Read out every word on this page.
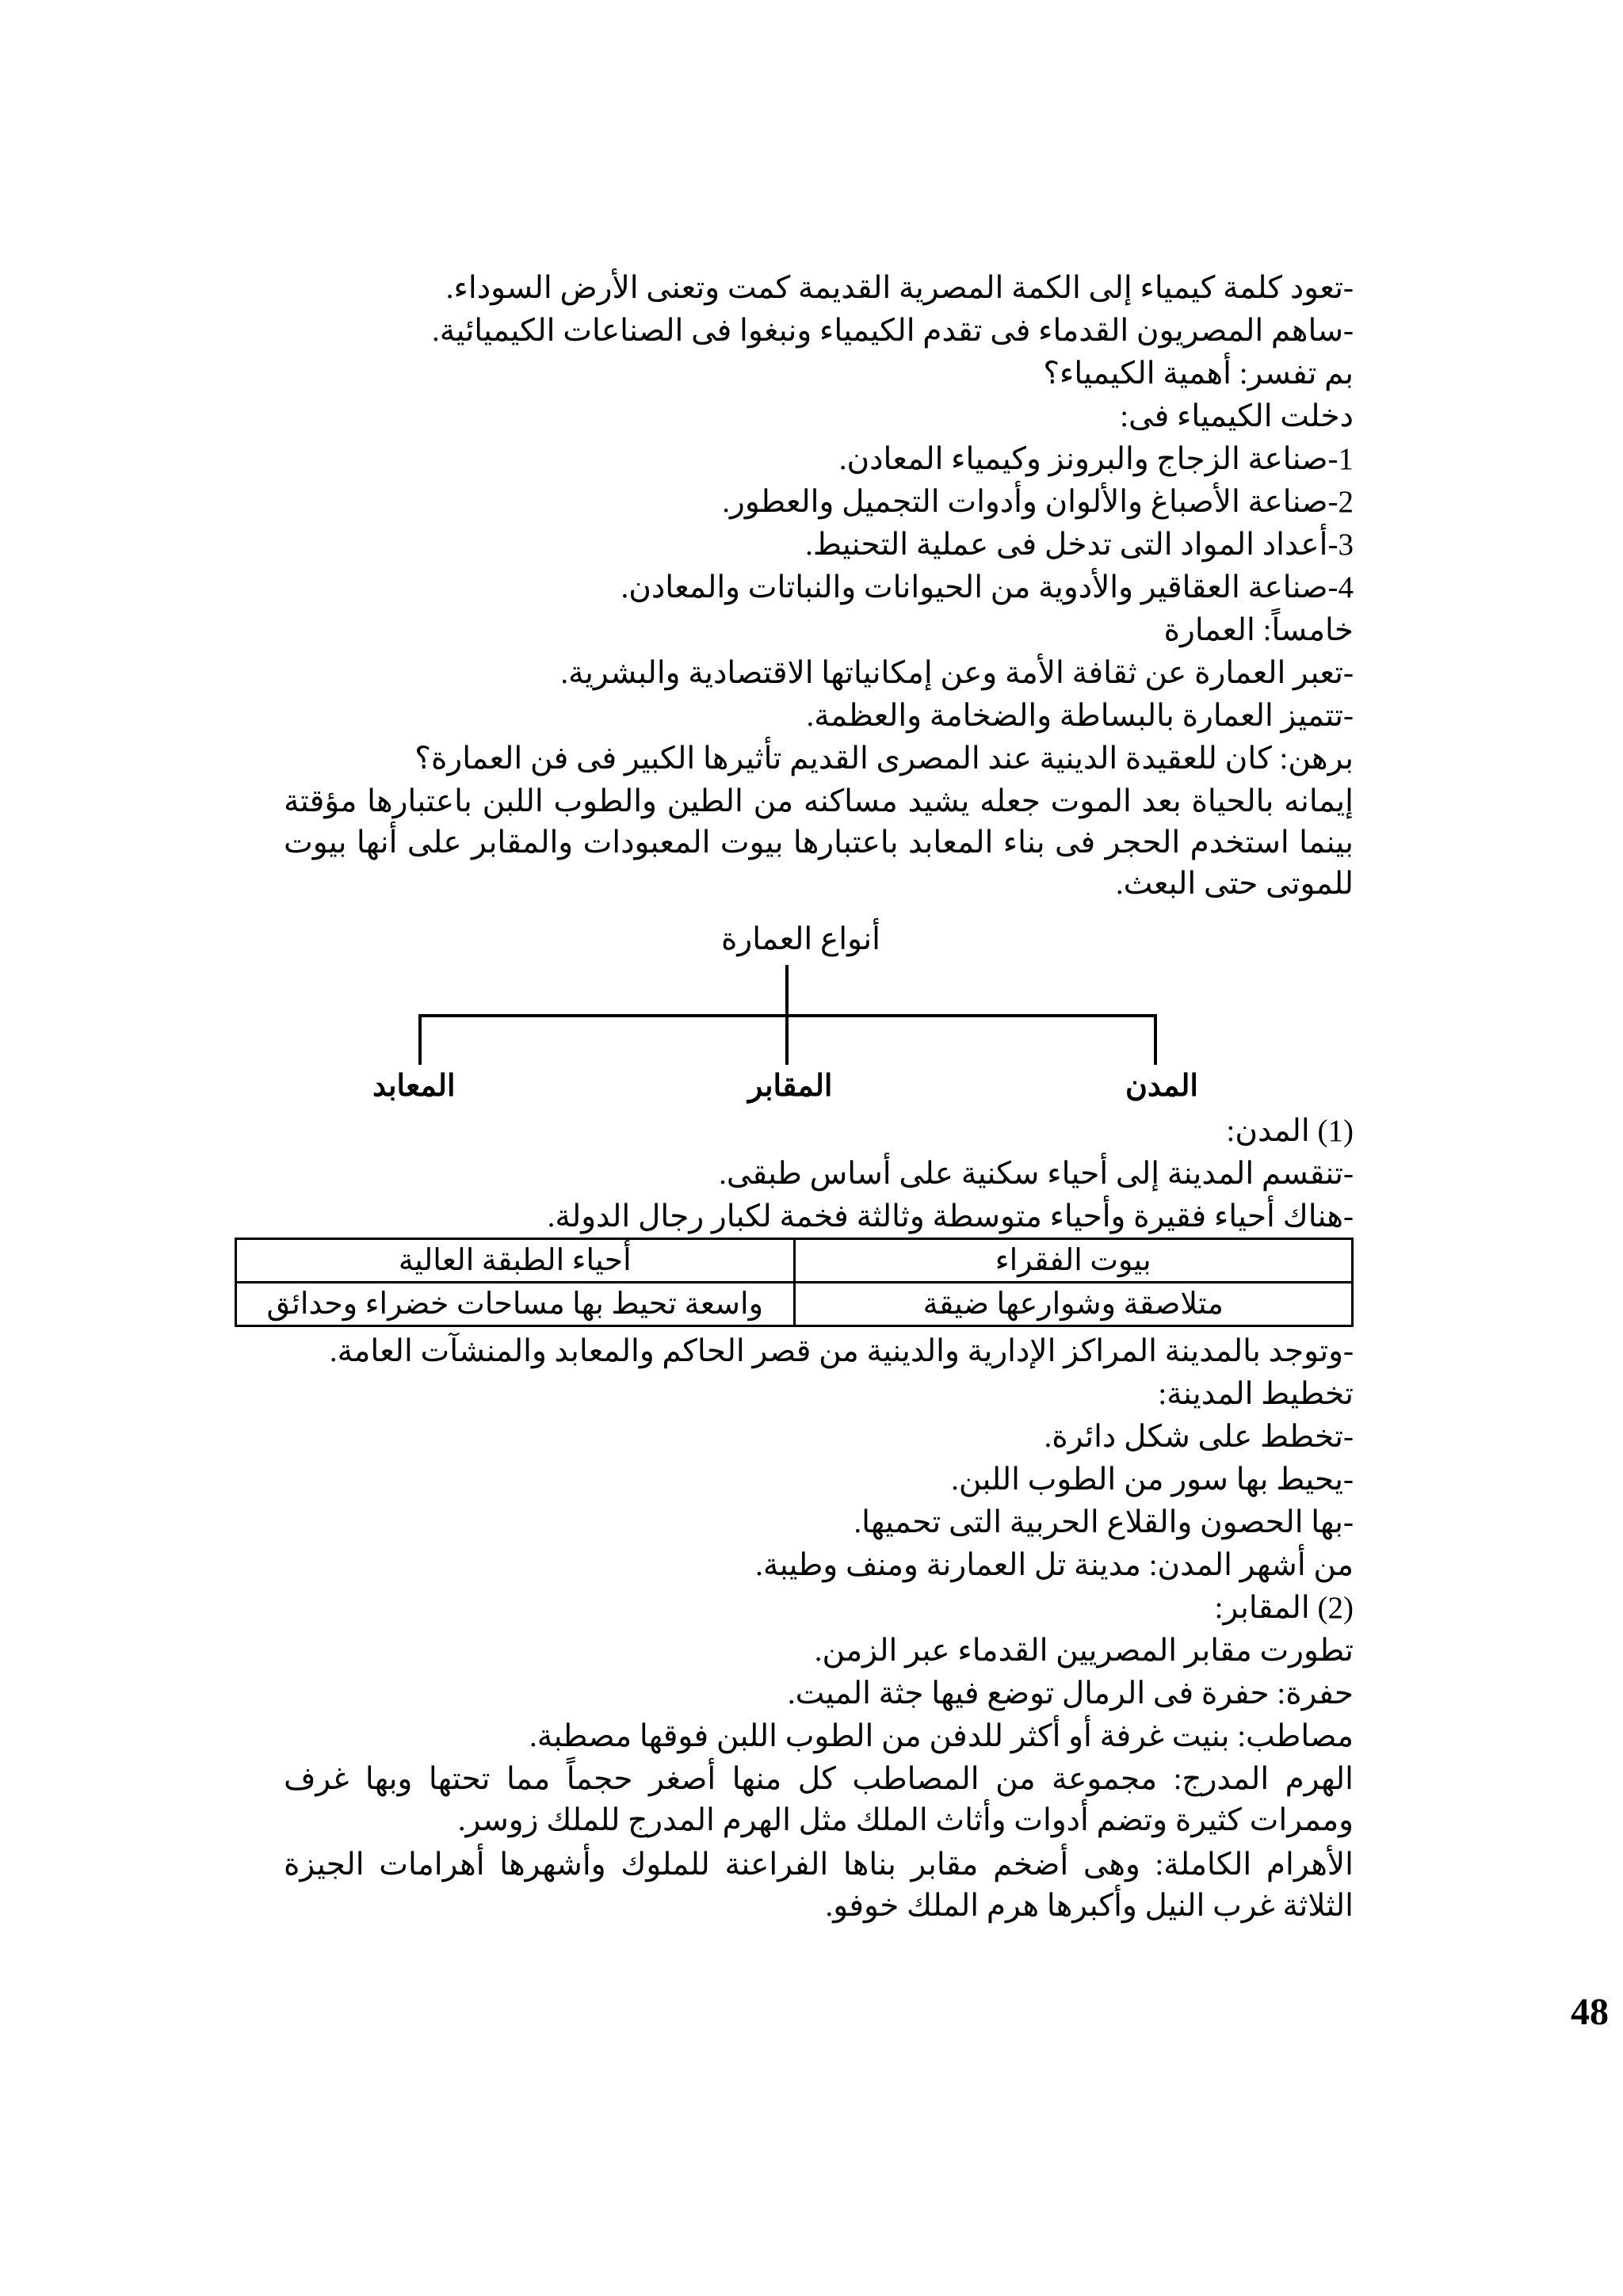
-تعود كلمة كيمياء إلى الكمة المصرية القديمة كمت وتعنى الأرض السوداء.
-ساهم المصريون القدماء فى تقدم الكيمياء ونبغوا فى الصناعات الكيميائية.
بم تفسر: أهمية الكيمياء؟
دخلت الكيمياء فى:
1-صناعة الزجاج والبرونز وكيمياء المعادن.
2-صناعة الأصباغ والألوان وأدوات التجميل والعطور.
3-أعداد المواد التى تدخل فى عملية التحنيط.
4-صناعة العقاقير والأدوية من الحيوانات والنباتات والمعادن.
خامساً: العمارة
-تعبر العمارة عن ثقافة الأمة وعن إمكانياتها الاقتصادية والبشرية.
-تتميز العمارة بالبساطة والضخامة والعظمة.
برهن: كان للعقيدة الدينية عند المصرى القديم تأثيرها الكبير فى فن العمارة؟
إيمانه بالحياة بعد الموت جعله يشيد مساكنه من الطين والطوب اللبن باعتبارها مؤقتة بينما استخدم الحجر فى بناء المعابد باعتبارها بيوت المعبودات والمقابر على أنها بيوت للموتى حتى البعث.
أنواع العمارة
المدن
المقابر
المعابد
(1) المدن:
-تنقسم المدينة إلى أحياء سكنية على أساس طبقى.
-هناك أحياء فقيرة وأحياء متوسطة وثالثة فخمة لكبار رجال الدولة.
بيوت الفقراء	أحياء الطبقة العالية
متلاصقة وشوارعها ضيقة	واسعة تحيط بها مساحات خضراء وحدائق
-وتوجد بالمدينة المراكز الإدارية والدينية من قصر الحاكم والمعابد والمنشآت العامة.
تخطيط المدينة:
-تخطط على شكل دائرة.
-يحيط بها سور من الطوب اللبن.
-بها الحصون والقلاع الحربية التى تحميها.
من أشهر المدن: مدينة تل العمارنة ومنف وطيبة.
(2) المقابر:
تطورت مقابر المصريين القدماء عبر الزمن.
حفرة: حفرة فى الرمال توضع فيها جثة الميت.
مصاطب: بنيت غرفة أو أكثر للدفن من الطوب اللبن فوقها مصطبة.
الهرم المدرج: مجموعة من المصاطب كل منها أصغر حجماً مما تحتها وبها غرف وممرات كثيرة وتضم أدوات وأثاث الملك مثل الهرم المدرج للملك زوسر.
الأهرام الكاملة: وهى أضخم مقابر بناها الفراعنة للملوك وأشهرها أهرامات الجيزة الثلاثة غرب النيل وأكبرها هرم الملك خوفو.
48
